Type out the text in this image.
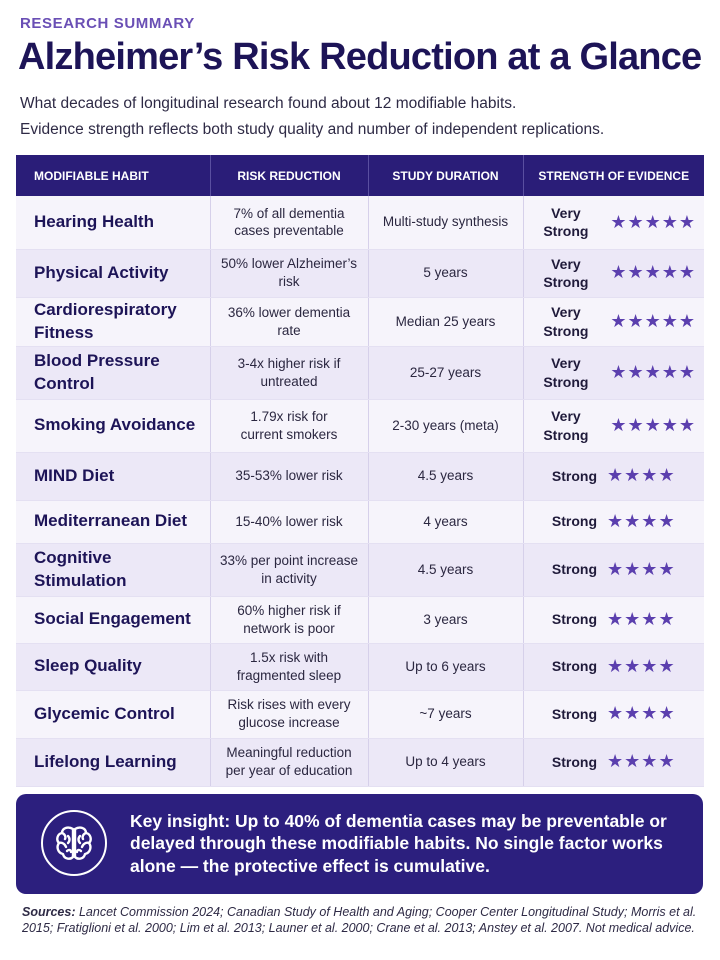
RESEARCH SUMMARY
Alzheimer’s Risk Reduction at a Glance
What decades of longitudinal research found about 12 modifiable habits.
Evidence strength reflects both study quality and number of independent replications.
MODIFIABLE HABIT	RISK REDUCTION	STUDY DURATION	STRENGTH OF EVIDENCE
Hearing Health	7% of all dementia
cases preventable	Multi-study synthesis	Very Strong ★★★★★

Physical Activity	50% lower Alzheimer’s risk	5 years	Very Strong ★★★★★

Cardiorespiratory Fitness	36% lower dementia rate	Median 25 years	Very Strong ★★★★★

Blood Pressure Control	3-4x higher risk if
untreated	25-27 years	Very Strong ★★★★★

Smoking Avoidance	1.79x risk for
current smokers	2-30 years (meta)	Very Strong ★★★★★

MIND Diet	35-53% lower risk	4.5 years	Strong ★★★★

Mediterranean Diet	15-40% lower risk	4 years	Strong ★★★★

Cognitive Stimulation	33% per point increase
in activity	4.5 years	Strong ★★★★

Social Engagement	60% higher risk if
network is poor	3 years	Strong ★★★★

Sleep Quality	1.5x risk with
fragmented sleep	Up to 6 years	Strong ★★★★

Glycemic Control	Risk rises with every
glucose increase	~7 years	Strong ★★★★

Lifelong Learning	Meaningful reduction
per year of education	Up to 4 years	Strong ★★★★
Key insight: Up to 40% of dementia cases may be preventable or delayed through these modifiable habits. No single factor works alone — the protective effect is cumulative.
Sources: Lancet Commission 2024; Canadian Study of Health and Aging; Cooper Center Longitudinal Study; Morris et al. 2015; Fratiglioni et al. 2000; Lim et al. 2013; Launer et al. 2000; Crane et al. 2013; Anstey et al. 2007. Not medical advice.
